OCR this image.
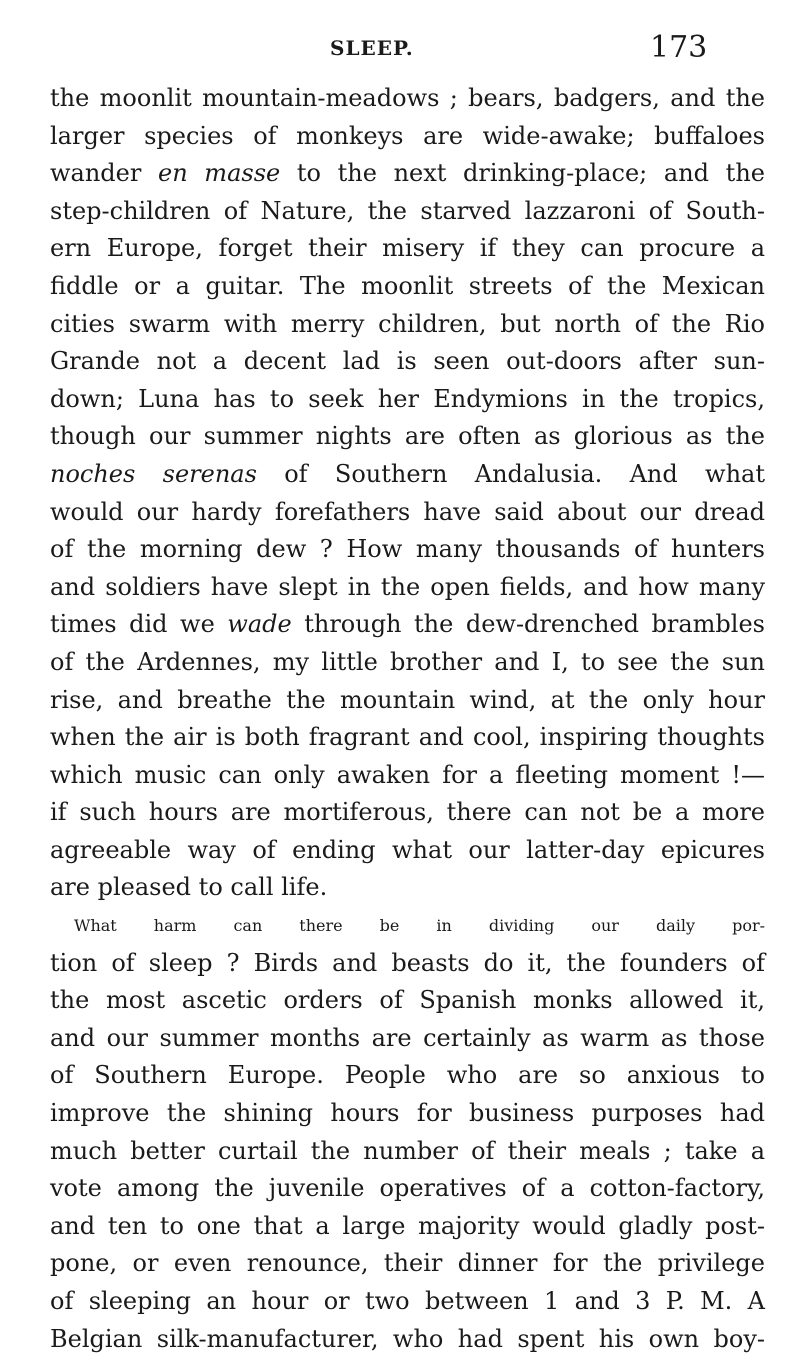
SLEEP.	173
the moonlit mountain-meadows ; bears, badgers, and the
larger species of monkeys are wide-awake; buffaloes
wander en masse to the next drinking-place; and the
step-children of Nature, the starved lazzaroni of South-
ern Europe, forget their misery if they can procure a
fiddle or a guitar. The moonlit streets of the Mexican
cities swarm with merry children, but north of the Rio
Grande not a decent lad is seen out-doors after sun-
down; Luna has to seek her Endymions in the tropics,
though our summer nights are often as glorious as the
noches serenas of Southern Andalusia. And what
would our hardy forefathers have said about our dread
of the morning dew ? How many thousands of hunters
and soldiers have slept in the open fields, and how many
times did we wade through the dew-drenched brambles
of the Ardennes, my little brother and I, to see the sun
rise, and breathe the mountain wind, at the only hour
when the air is both fragrant and cool, inspiring thoughts
which music can only awaken for a fleeting moment !—
if such hours are mortiferous, there can not be a more
agreeable way of ending what our latter-day epicures
are pleased to call life.
What harm can there be in dividing our daily por-
tion of sleep ? Birds and beasts do it, the founders of
the most ascetic orders of Spanish monks allowed it,
and our summer months are certainly as warm as those
of Southern Europe. People who are so anxious to
improve the shining hours for business purposes had
much better curtail the number of their meals ; take a
vote among the juvenile operatives of a cotton-factory,
and ten to one that a large majority would gladly post-
pone, or even renounce, their dinner for the privilege
of sleeping an hour or two between 1 and 3 P. M. A
Belgian silk-manufacturer, who had spent his own boy-
